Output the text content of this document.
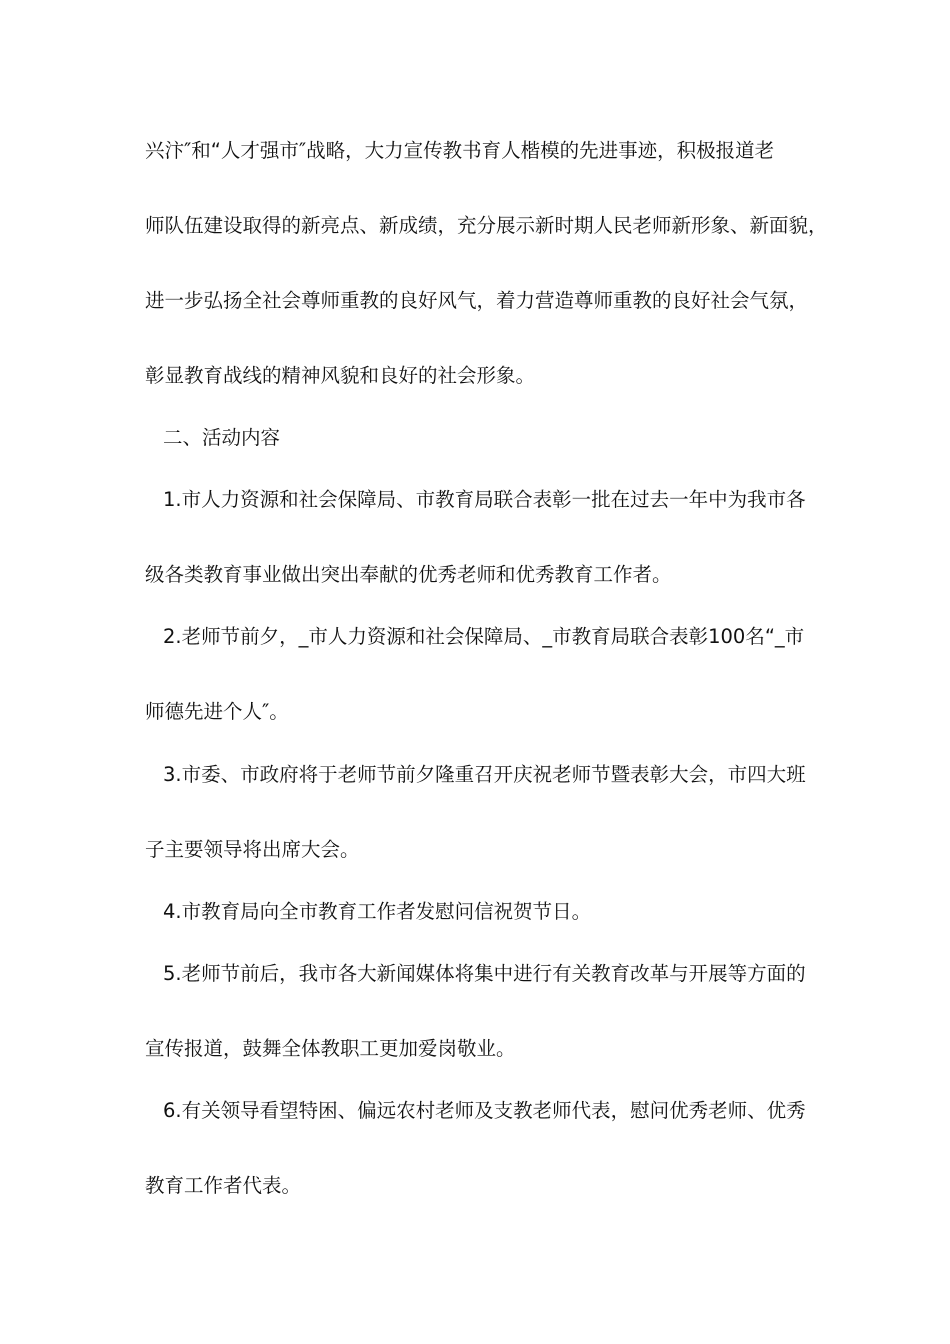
兴汴″和“人才强市″战略，大力宣传教书育人楷模的先进事迹，积极报道老

师队伍建设取得的新亮点、新成绩，充分展示新时期人民老师新形象、新面貌，

进一步弘扬全社会尊师重教的良好风气，着力营造尊师重教的良好社会气氛，

彰显教育战线的精神风貌和良好的社会形象。

二、活动内容

1.市人力资源和社会保障局、市教育局联合表彰一批在过去一年中为我市各

级各类教育事业做出突出奉献的优秀老师和优秀教育工作者。

2.老师节前夕，_市人力资源和社会保障局、_市教育局联合表彰100名“_市

师德先进个人″。

3.市委、市政府将于老师节前夕隆重召开庆祝老师节暨表彰大会，市四大班

子主要领导将出席大会。

4.市教育局向全市教育工作者发慰问信祝贺节日。

5.老师节前后，我市各大新闻媒体将集中进行有关教育改革与开展等方面的

宣传报道，鼓舞全体教职工更加爱岗敬业。

6.有关领导看望特困、偏远农村老师及支教老师代表，慰问优秀老师、优秀

教育工作者代表。
